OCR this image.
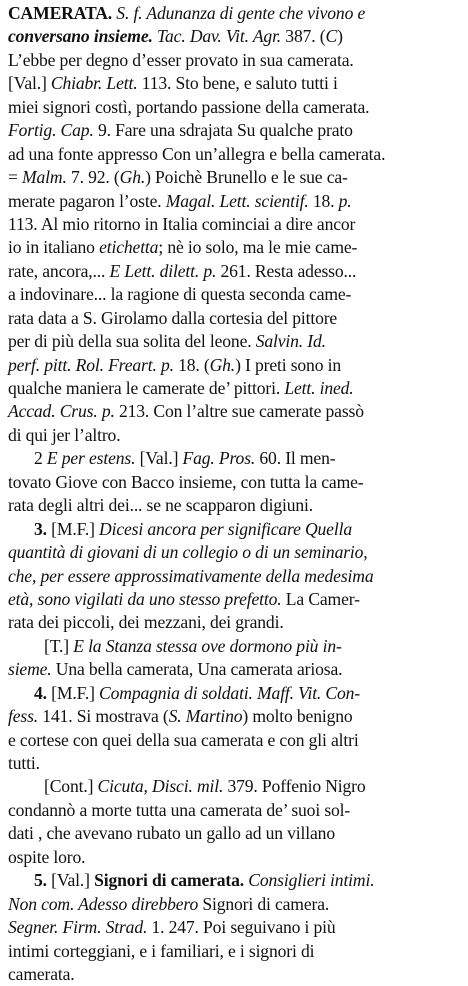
CAMERATA. S. f. Adunanza di gente che vivono e
conversano insieme. Tac. Dav. Vit. Agr. 387. (C)
L’ebbe per degno d’esser provato in sua camerata.
[Val.] Chiabr. Lett. 113. Sto bene, e saluto tutti i
miei signori costì, portando passione della camerata.
Fortig. Cap. 9. Fare una sdrajata Su qualche prato
ad una fonte appresso Con un’allegra e bella camerata.
= Malm. 7. 92. (Gh.) Poichè Brunello e le sue ca-
merate pagaron l’oste. Magal. Lett. scientif. 18. p.
113. Al mio ritorno in Italia cominciai a dire ancor
io in italiano etichetta; nè io solo, ma le mie came-
rate, ancora,... E Lett. dilett. p. 261. Resta adesso...
a indovinare... la ragione di questa seconda came-
rata data a S. Girolamo dalla cortesia del pittore
per di più della sua solita del leone. Salvin. Id.
perf. pitt. Rol. Freart. p. 18. (Gh.) I preti sono in
qualche maniera le camerate de’ pittori. Lett. ined.
Accad. Crus. p. 213. Con l’altre sue camerate passò
di qui jer l’altro.
2 E per estens. [Val.] Fag. Pros. 60. Il men-
tovato Giove con Bacco insieme, con tutta la came-
rata degli altri dei... se ne scapparon digiuni.
3. [M.F.] Dicesi ancora per significare Quella
quantità di giovani di un collegio o di un seminario,
che, per essere approssimativamente della medesima
età, sono vigilati da uno stesso prefetto. La Camer-
rata dei piccoli, dei mezzani, dei grandi.
[T.] E la Stanza stessa ove dormono più in-
sieme. Una bella camerata, Una camerata ariosa.
4. [M.F.] Compagnia di soldati. Maff. Vit. Con-
fess. 141. Si mostrava (S. Martino) molto benigno
e cortese con quei della sua camerata e con gli altri
tutti.
[Cont.] Cicuta, Disci. mil. 379. Poffenio Nigro
condannò a morte tutta una camerata de’ suoi sol-
dati , che avevano rubato un gallo ad un villano
ospite loro.
5. [Val.] Signori di camerata. Consiglieri intimi.
Non com. Adesso direbbero Signori di camera.
Segner. Firm. Strad. 1. 247. Poi seguivano i più
intimi corteggiani, e i familiari, e i signori di
camerata.
